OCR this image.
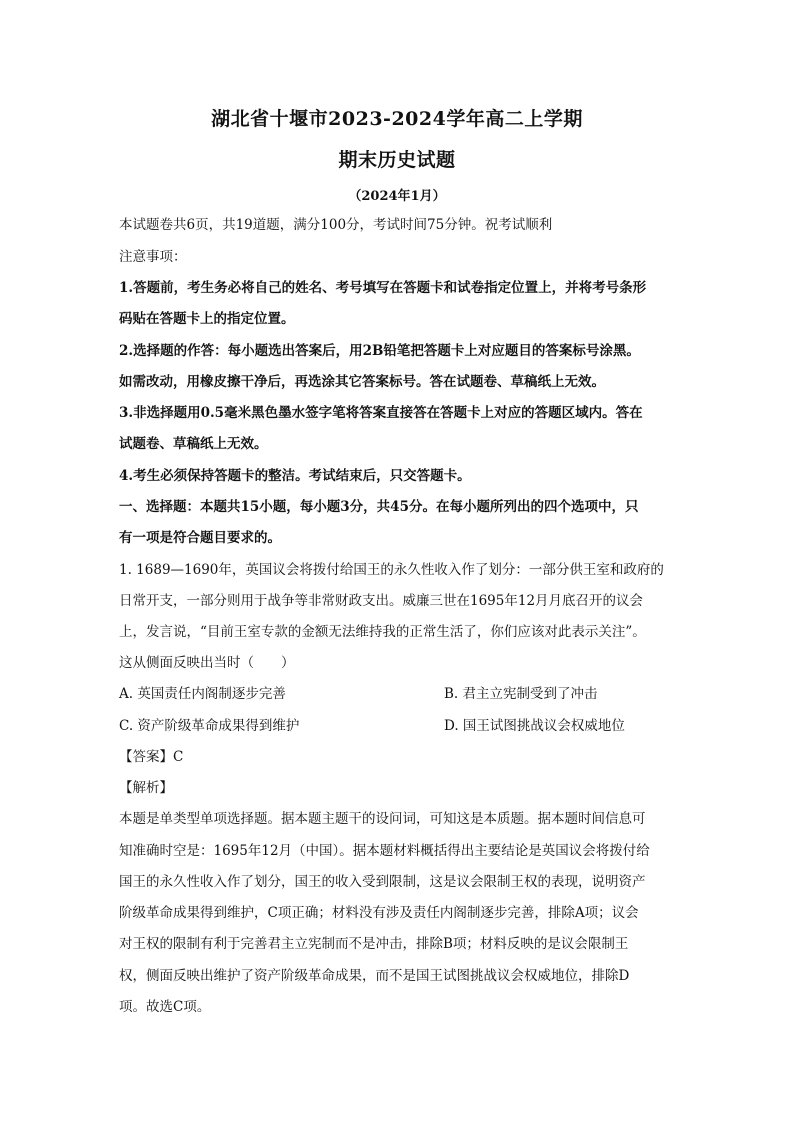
湖北省十堰市2023-2024学年高二上学期
期末历史试题
（2024年1月）
本试题卷共6页，共19道题，满分100分，考试时间75分钟。祝考试顺利
注意事项：
1.答题前，考生务必将自己的姓名、考号填写在答题卡和试卷指定位置上，并将考号条形
码贴在答题卡上的指定位置。
2.选择题的作答：每小题选出答案后，用2B铅笔把答题卡上对应题目的答案标号涂黑。
如需改动，用橡皮擦干净后，再选涂其它答案标号。答在试题卷、草稿纸上无效。
3.非选择题用0.5毫米黑色墨水签字笔将答案直接答在答题卡上对应的答题区域内。答在
试题卷、草稿纸上无效。
4.考生必须保持答题卡的整洁。考试结束后，只交答题卡。
一、选择题：本题共15小题，每小题3分，共45分。在每小题所列出的四个选项中，只
有一项是符合题目要求的。
1. 1689—1690年，英国议会将拨付给国王的永久性收入作了划分：一部分供王室和政府的
日常开支，一部分则用于战争等非常财政支出。威廉三世在1695年12月月底召开的议会
上，发言说，“目前王室专款的金额无法维持我的正常生活了，你们应该对此表示关注”。
这从侧面反映出当时（　　）
A. 英国责任内阁制逐步完善	B. 君主立宪制受到了冲击
C. 资产阶级革命成果得到维护	D. 国王试图挑战议会权威地位
【答案】C
【解析】
本题是单类型单项选择题。据本题主题干的设问词，可知这是本质题。据本题时间信息可
知准确时空是：1695年12月（中国）。据本题材料概括得出主要结论是英国议会将拨付给
国王的永久性收入作了划分，国王的收入受到限制，这是议会限制王权的表现，说明资产
阶级革命成果得到维护，C项正确；材料没有涉及责任内阁制逐步完善，排除A项；议会
对王权的限制有利于完善君主立宪制而不是冲击，排除B项；材料反映的是议会限制王
权，侧面反映出维护了资产阶级革命成果，而不是国王试图挑战议会权威地位，排除D
项。故选C项。
